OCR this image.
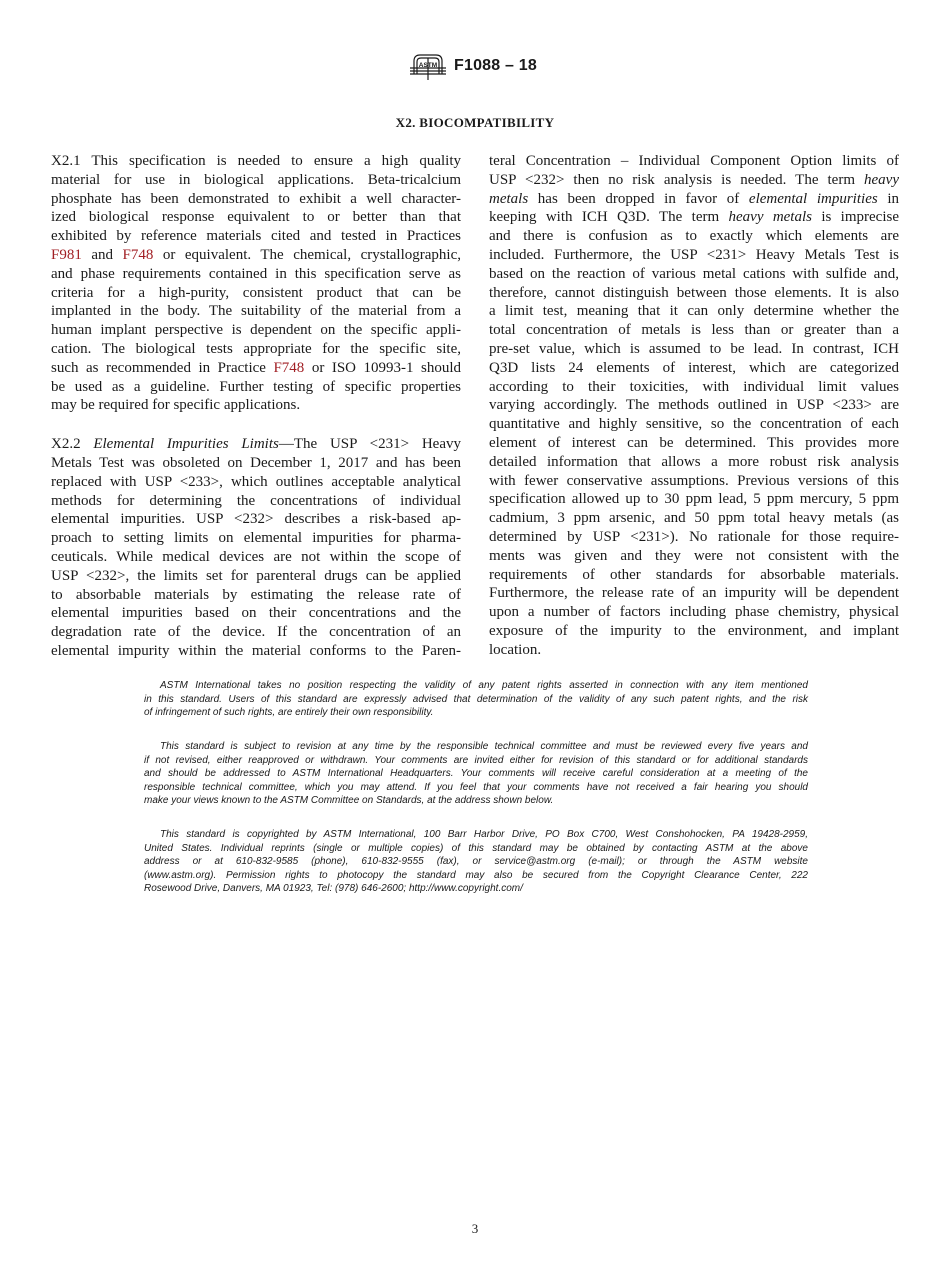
ASTM F1088 – 18
X2. BIOCOMPATIBILITY
X2.1 This specification is needed to ensure a high quality
material for use in biological applications. Beta-tricalcium
phosphate has been demonstrated to exhibit a well character-
ized biological response equivalent to or better than that
exhibited by reference materials cited and tested in Practices
F981 and F748 or equivalent. The chemical, crystallographic,
and phase requirements contained in this specification serve as
criteria for a high-purity, consistent product that can be
implanted in the body. The suitability of the material from a
human implant perspective is dependent on the specific appli-
cation. The biological tests appropriate for the specific site,
such as recommended in Practice F748 or ISO 10993-1 should
be used as a guideline. Further testing of specific properties
may be required for specific applications.
X2.2 Elemental Impurities Limits—The USP <231> Heavy
Metals Test was obsoleted on December 1, 2017 and has been
replaced with USP <233>, which outlines acceptable analytical
methods for determining the concentrations of individual
elemental impurities. USP <232> describes a risk-based ap-
proach to setting limits on elemental impurities for pharma-
ceuticals. While medical devices are not within the scope of
USP <232>, the limits set for parenteral drugs can be applied
to absorbable materials by estimating the release rate of
elemental impurities based on their concentrations and the
degradation rate of the device. If the concentration of an
elemental impurity within the material conforms to the Paren-
teral Concentration – Individual Component Option limits of
USP <232> then no risk analysis is needed. The term heavy
metals has been dropped in favor of elemental impurities in
keeping with ICH Q3D. The term heavy metals is imprecise
and there is confusion as to exactly which elements are
included. Furthermore, the USP <231> Heavy Metals Test is
based on the reaction of various metal cations with sulfide and,
therefore, cannot distinguish between those elements. It is also
a limit test, meaning that it can only determine whether the
total concentration of metals is less than or greater than a
pre-set value, which is assumed to be lead. In contrast, ICH
Q3D lists 24 elements of interest, which are categorized
according to their toxicities, with individual limit values
varying accordingly. The methods outlined in USP <233> are
quantitative and highly sensitive, so the concentration of each
element of interest can be determined. This provides more
detailed information that allows a more robust risk analysis
with fewer conservative assumptions. Previous versions of this
specification allowed up to 30 ppm lead, 5 ppm mercury, 5 ppm
cadmium, 3 ppm arsenic, and 50 ppm total heavy metals (as
determined by USP <231>). No rationale for those require-
ments was given and they were not consistent with the
requirements of other standards for absorbable materials.
Furthermore, the release rate of an impurity will be dependent
upon a number of factors including phase chemistry, physical
exposure of the impurity to the environment, and implant
location.
ASTM International takes no position respecting the validity of any patent rights asserted in connection with any item mentioned
in this standard. Users of this standard are expressly advised that determination of the validity of any such patent rights, and the risk
of infringement of such rights, are entirely their own responsibility.
This standard is subject to revision at any time by the responsible technical committee and must be reviewed every five years and
if not revised, either reapproved or withdrawn. Your comments are invited either for revision of this standard or for additional standards
and should be addressed to ASTM International Headquarters. Your comments will receive careful consideration at a meeting of the
responsible technical committee, which you may attend. If you feel that your comments have not received a fair hearing you should
make your views known to the ASTM Committee on Standards, at the address shown below.
This standard is copyrighted by ASTM International, 100 Barr Harbor Drive, PO Box C700, West Conshohocken, PA 19428-2959,
United States. Individual reprints (single or multiple copies) of this standard may be obtained by contacting ASTM at the above
address or at 610-832-9585 (phone), 610-832-9555 (fax), or service@astm.org (e-mail); or through the ASTM website
(www.astm.org). Permission rights to photocopy the standard may also be secured from the Copyright Clearance Center, 222
Rosewood Drive, Danvers, MA 01923, Tel: (978) 646-2600; http://www.copyright.com/
3
